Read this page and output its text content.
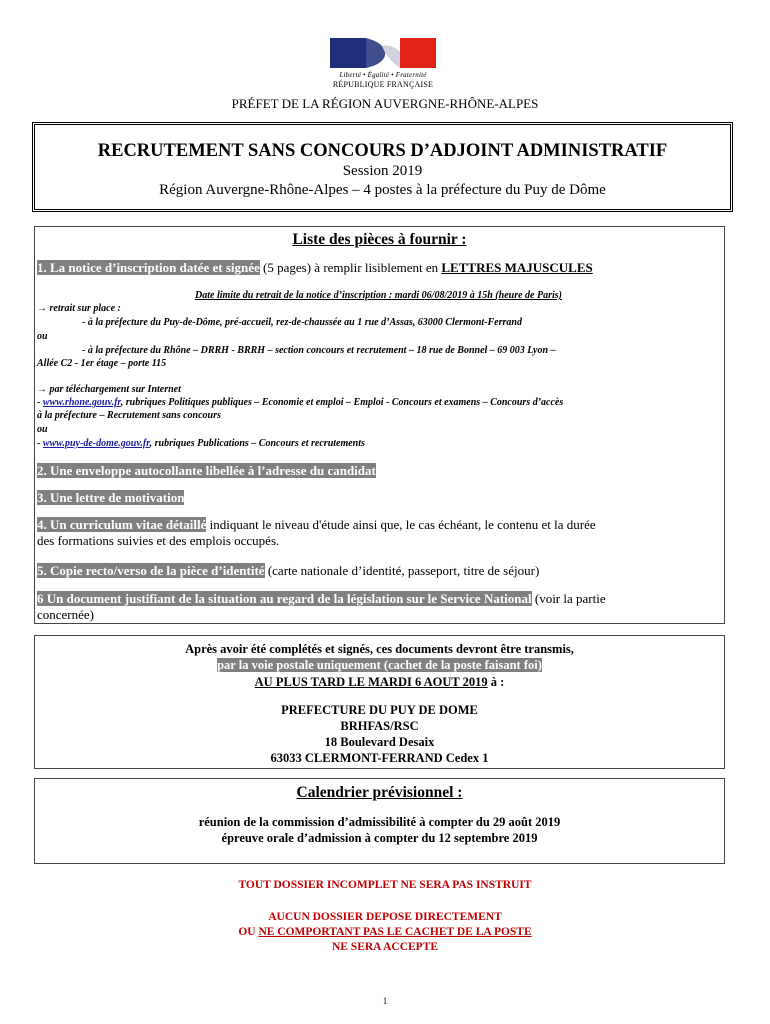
Liberté • Égalité • Fraternité
RÉPUBLIQUE FRANÇAISE
PRÉFET DE LA RÉGION AUVERGNE-RHÔNE-ALPES
RECRUTEMENT SANS CONCOURS D’ADJOINT ADMINISTRATIF
Session 2019
Région Auvergne-Rhône-Alpes – 4 postes à la préfecture du Puy de Dôme
Liste des pièces à fournir :
1. La notice d’inscription datée et signée (5 pages) à remplir lisiblement en LETTRES MAJUSCULES
Date limite du retrait de la notice d’inscription : mardi 06/08/2019 à 15h (heure de Paris)
→ retrait sur place :
- à la préfecture du Puy-de-Dôme, pré-accueil, rez-de-chaussée au 1 rue d’Assas, 63000 Clermont-Ferrand
ou
- à la préfecture du Rhône – DRRH - BRRH – section concours et recrutement – 18 rue de Bonnel – 69 003 Lyon –
Allée C2 - 1er étage – porte 115
→ par téléchargement sur Internet
- www.rhone.gouv.fr, rubriques Politiques publiques – Economie et emploi – Emploi - Concours et examens – Concours d’accès
à la préfecture – Recrutement sans concours
ou
- www.puy-de-dome.gouv.fr, rubriques Publications – Concours et recrutements
2. Une enveloppe autocollante libellée à l’adresse du candidat
3. Une lettre de motivation
4. Un curriculum vitae détaillé indiquant le niveau d'étude ainsi que, le cas échéant, le contenu et la durée
des formations suivies et des emplois occupés.
5. Copie recto/verso de la pièce d’identité (carte nationale d’identité, passeport, titre de séjour)
6 Un document justifiant de la situation au regard de la législation sur le Service National (voir la partie
concernée)
Après avoir été complétés et signés, ces documents devront être transmis,
par la voie postale uniquement (cachet de la poste faisant foi)
AU PLUS TARD LE MARDI 6 AOUT 2019 à :
PREFECTURE DU PUY DE DOME
BRHFAS/RSC
18 Boulevard Desaix
63033 CLERMONT-FERRAND Cedex 1
Calendrier prévisionnel :
réunion de la commission d’admissibilité à compter du 29 août 2019
épreuve orale d’admission à compter du 12 septembre 2019
TOUT DOSSIER INCOMPLET NE SERA PAS INSTRUIT
AUCUN DOSSIER DEPOSE DIRECTEMENT
OU NE COMPORTANT PAS LE CACHET DE LA POSTE
NE SERA ACCEPTE
1
